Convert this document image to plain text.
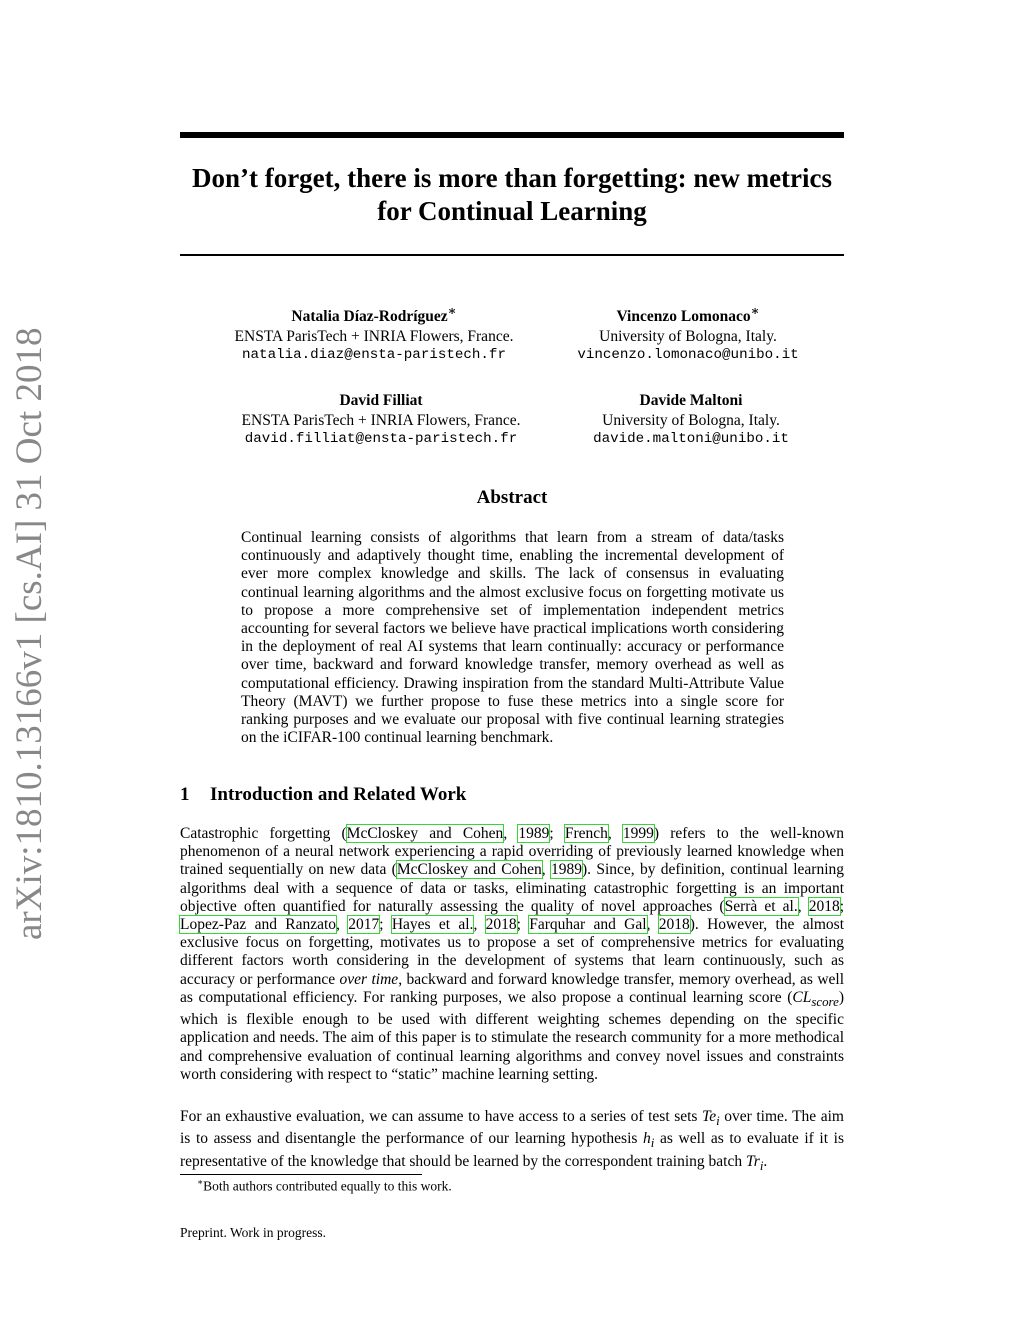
arXiv:1810.13166v1 [cs.AI] 31 Oct 2018
Don’t forget, there is more than forgetting: new metrics for Continual Learning
Natalia Díaz-Rodríguez∗
ENSTA ParisTech + INRIA Flowers, France.
natalia.diaz@ensta-paristech.fr
Vincenzo Lomonaco∗
University of Bologna, Italy.
vincenzo.lomonaco@unibo.it
David Filliat
ENSTA ParisTech + INRIA Flowers, France.
david.filliat@ensta-paristech.fr
Davide Maltoni
University of Bologna, Italy.
davide.maltoni@unibo.it
Abstract
Continual learning consists of algorithms that learn from a stream of data/tasks continuously and adaptively thought time, enabling the incremental development of ever more complex knowledge and skills. The lack of consensus in evaluating continual learning algorithms and the almost exclusive focus on forgetting motivate us to propose a more comprehensive set of implementation independent metrics accounting for several factors we believe have practical implications worth considering in the deployment of real AI systems that learn continually: accuracy or performance over time, backward and forward knowledge transfer, memory overhead as well as computational efficiency. Drawing inspiration from the standard Multi-Attribute Value Theory (MAVT) we further propose to fuse these metrics into a single score for ranking purposes and we evaluate our proposal with five continual learning strategies on the iCIFAR-100 continual learning benchmark.
1 Introduction and Related Work
Catastrophic forgetting (McCloskey and Cohen, 1989; French, 1999) refers to the well-known phenomenon of a neural network experiencing a rapid overriding of previously learned knowledge when trained sequentially on new data (McCloskey and Cohen, 1989). Since, by definition, continual learning algorithms deal with a sequence of data or tasks, eliminating catastrophic forgetting is an important objective often quantified for naturally assessing the quality of novel approaches (Serrà et al., 2018; Lopez-Paz and Ranzato, 2017; Hayes et al., 2018; Farquhar and Gal, 2018). However, the almost exclusive focus on forgetting, motivates us to propose a set of comprehensive metrics for evaluating different factors worth considering in the development of systems that learn continuously, such as accuracy or performance over time, backward and forward knowledge transfer, memory overhead, as well as computational efficiency. For ranking purposes, we also propose a continual learning score $(CL_{score})$ which is flexible enough to be used with different weighting schemes depending on the specific application and needs. The aim of this paper is to stimulate the research community for a more methodical and comprehensive evaluation of continual learning algorithms and convey novel issues and constraints worth considering with respect to “static” machine learning setting.
For an exhaustive evaluation, we can assume to have access to a series of test sets $Te_i$ over time. The aim is to assess and disentangle the performance of our learning hypothesis $h_i$ as well as to evaluate if it is representative of the knowledge that should be learned by the correspondent training batch $Tr_i$.
∗Both authors contributed equally to this work.
Preprint. Work in progress.
